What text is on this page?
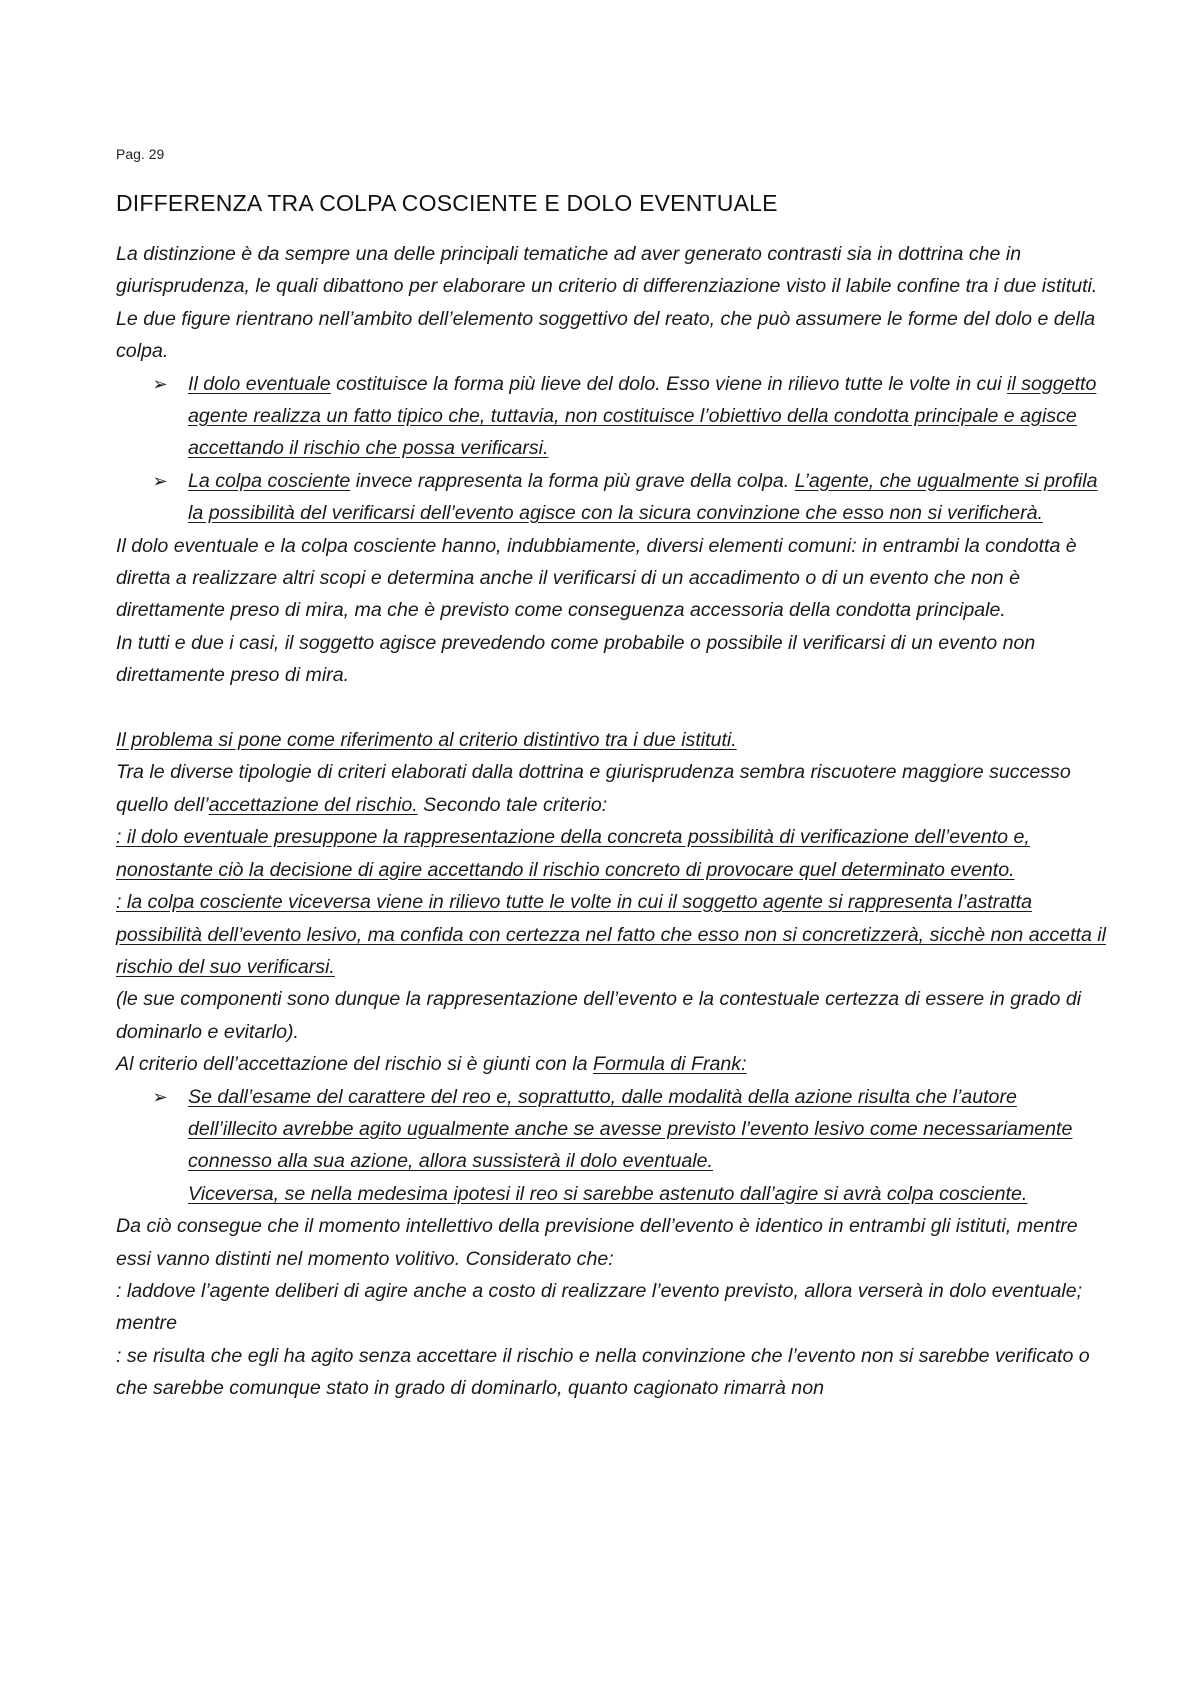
Pag. 29
DIFFERENZA TRA COLPA COSCIENTE E DOLO EVENTUALE

La distinzione è da sempre una delle principali tematiche ad aver generato contrasti sia in dottrina che in giurisprudenza, le quali dibattono per elaborare un criterio di differenziazione visto il labile confine tra i due istituti.

Le due figure rientrano nell’ambito dell’elemento soggettivo del reato, che può assumere le forme del dolo e della colpa.

➢ Il dolo eventuale costituisce la forma più lieve del dolo. Esso viene in rilievo tutte le volte in cui il soggetto agente realizza un fatto tipico che, tuttavia, non costituisce l’obiettivo della condotta principale e agisce accettando il rischio che possa verificarsi.
➢ La colpa cosciente invece rappresenta la forma più grave della colpa. L’agente, che ugualmente si profila la possibilità del verificarsi dell’evento agisce con la sicura convinzione che esso non si verificherà.

Il dolo eventuale e la colpa cosciente hanno, indubbiamente, diversi elementi comuni: in entrambi la condotta è diretta a realizzare altri scopi e determina anche il verificarsi di un accadimento o di un evento che non è direttamente preso di mira, ma che è previsto come conseguenza accessoria della condotta principale.

In tutti e due i casi, il soggetto agisce prevedendo come probabile o possibile il verificarsi di un evento non direttamente preso di mira.

Il problema si pone come riferimento al criterio distintivo tra i due istituti.

Tra le diverse tipologie di criteri elaborati dalla dottrina e giurisprudenza sembra riscuotere maggiore successo quello dell’accettazione del rischio. Secondo tale criterio:

: il dolo eventuale presuppone la rappresentazione della concreta possibilità di verificazione dell’evento e, nonostante ciò la decisione di agire accettando il rischio concreto di provocare quel determinato evento.

: la colpa cosciente viceversa viene in rilievo tutte le volte in cui il soggetto agente si rappresenta l’astratta possibilità dell’evento lesivo, ma confida con certezza nel fatto che esso non si concretizzerà, sicchè non accetta il rischio del suo verificarsi.

(le sue componenti sono dunque la rappresentazione dell’evento e la contestuale certezza di essere in grado di dominarlo e evitarlo).

Al criterio dell’accettazione del rischio si è giunti con la Formula di Frank:

➢ Se dall’esame del carattere del reo e, soprattutto, dalle modalità della azione risulta che l’autore dell’illecito avrebbe agito ugualmente anche se avesse previsto l’evento lesivo come necessariamente connesso alla sua azione, allora sussisterà il dolo eventuale.
Viceversa, se nella medesima ipotesi il reo si sarebbe astenuto dall’agire si avrà colpa cosciente.

Da ciò consegue che il momento intellettivo della previsione dell’evento è identico in entrambi gli istituti, mentre essi vanno distinti nel momento volitivo. Considerato che:

: laddove l’agente deliberi di agire anche a costo di realizzare l’evento previsto, allora verserà in dolo eventuale;

mentre

: se risulta che egli ha agito senza accettare il rischio e nella convinzione che l’evento non si sarebbe verificato o che sarebbe comunque stato in grado di dominarlo, quanto cagionato rimarrà non
